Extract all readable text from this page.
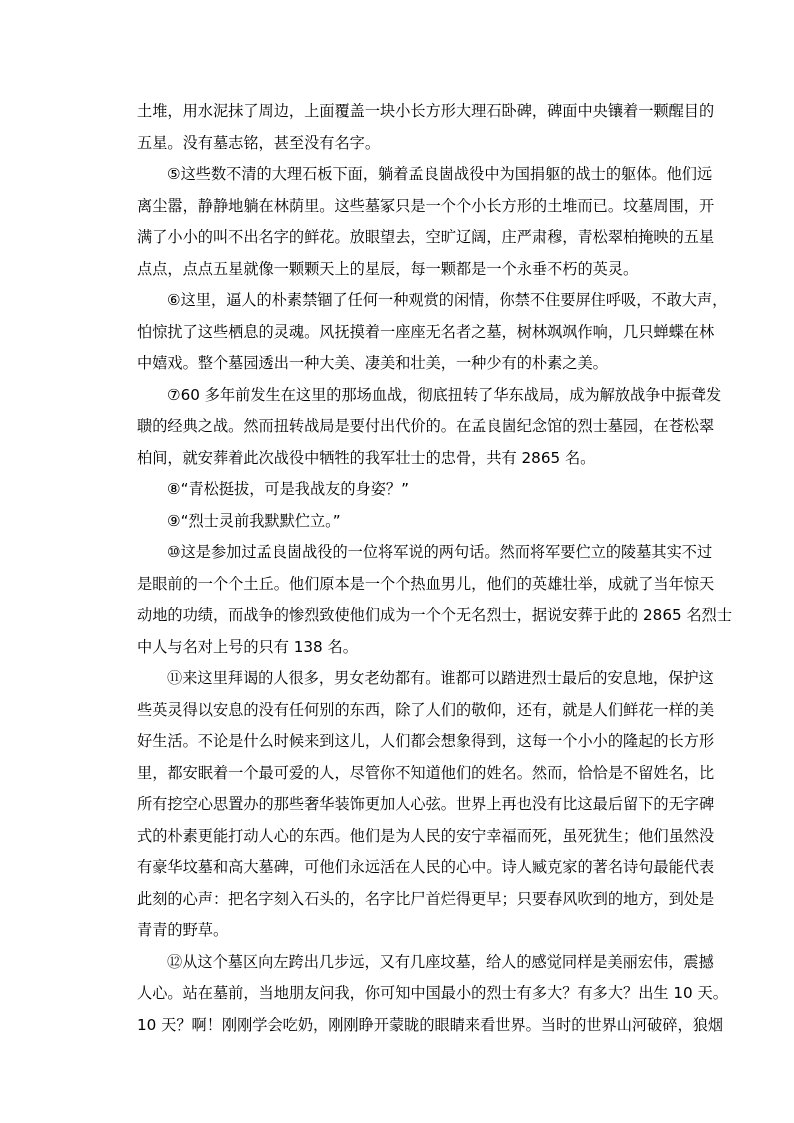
土堆，用水泥抹了周边，上面覆盖一块小长方形大理石卧碑，碑面中央镶着一颗醒目的
五星。没有墓志铭，甚至没有名字。
⑤这些数不清的大理石板下面，躺着孟良崮战役中为国捐躯的战士的躯体。他们远
离尘嚣，静静地躺在林荫里。这些墓冢只是一个个小长方形的土堆而已。坟墓周围，开
满了小小的叫不出名字的鲜花。放眼望去，空旷辽阔，庄严肃穆，青松翠柏掩映的五星
点点，点点五星就像一颗颗天上的星辰，每一颗都是一个永垂不朽的英灵。
⑥这里，逼人的朴素禁锢了任何一种观赏的闲情，你禁不住要屏住呼吸，不敢大声，
怕惊扰了这些栖息的灵魂。风抚摸着一座座无名者之墓，树林飒飒作响，几只蝉蝶在林
中嬉戏。整个墓园透出一种大美、凄美和壮美，一种少有的朴素之美。
⑦60 多年前发生在这里的那场血战，彻底扭转了华东战局，成为解放战争中振聋发
聩的经典之战。然而扭转战局是要付出代价的。在孟良崮纪念馆的烈士墓园，在苍松翠
柏间，就安葬着此次战役中牺牲的我军壮士的忠骨，共有 2865 名。
⑧“青松挺拔，可是我战友的身姿？”
⑨“烈士灵前我默默伫立。”
⑩这是参加过孟良崮战役的一位将军说的两句话。然而将军要伫立的陵墓其实不过
是眼前的一个个土丘。他们原本是一个个热血男儿，他们的英雄壮举，成就了当年惊天
动地的功绩，而战争的惨烈致使他们成为一个个无名烈士，据说安葬于此的 2865 名烈士
中人与名对上号的只有 138 名。
⑪来这里拜谒的人很多，男女老幼都有。谁都可以踏进烈士最后的安息地，保护这
些英灵得以安息的没有任何别的东西，除了人们的敬仰，还有，就是人们鲜花一样的美
好生活。不论是什么时候来到这儿，人们都会想象得到，这每一个小小的隆起的长方形
里，都安眠着一个最可爱的人，尽管你不知道他们的姓名。然而，恰恰是不留姓名，比
所有挖空心思置办的那些奢华装饰更加人心弦。世界上再也没有比这最后留下的无字碑
式的朴素更能打动人心的东西。他们是为人民的安宁幸福而死，虽死犹生；他们虽然没
有豪华坟墓和高大墓碑，可他们永远活在人民的心中。诗人臧克家的著名诗句最能代表
此刻的心声：把名字刻入石头的，名字比尸首烂得更早；只要春风吹到的地方，到处是
青青的野草。
⑫从这个墓区向左跨出几步远，又有几座坟墓，给人的感觉同样是美丽宏伟，震撼
人心。站在墓前，当地朋友问我，你可知中国最小的烈士有多大？有多大？出生 10 天。
10 天？啊！刚刚学会吃奶，刚刚睁开蒙眬的眼睛来看世界。当时的世界山河破碎，狼烟
